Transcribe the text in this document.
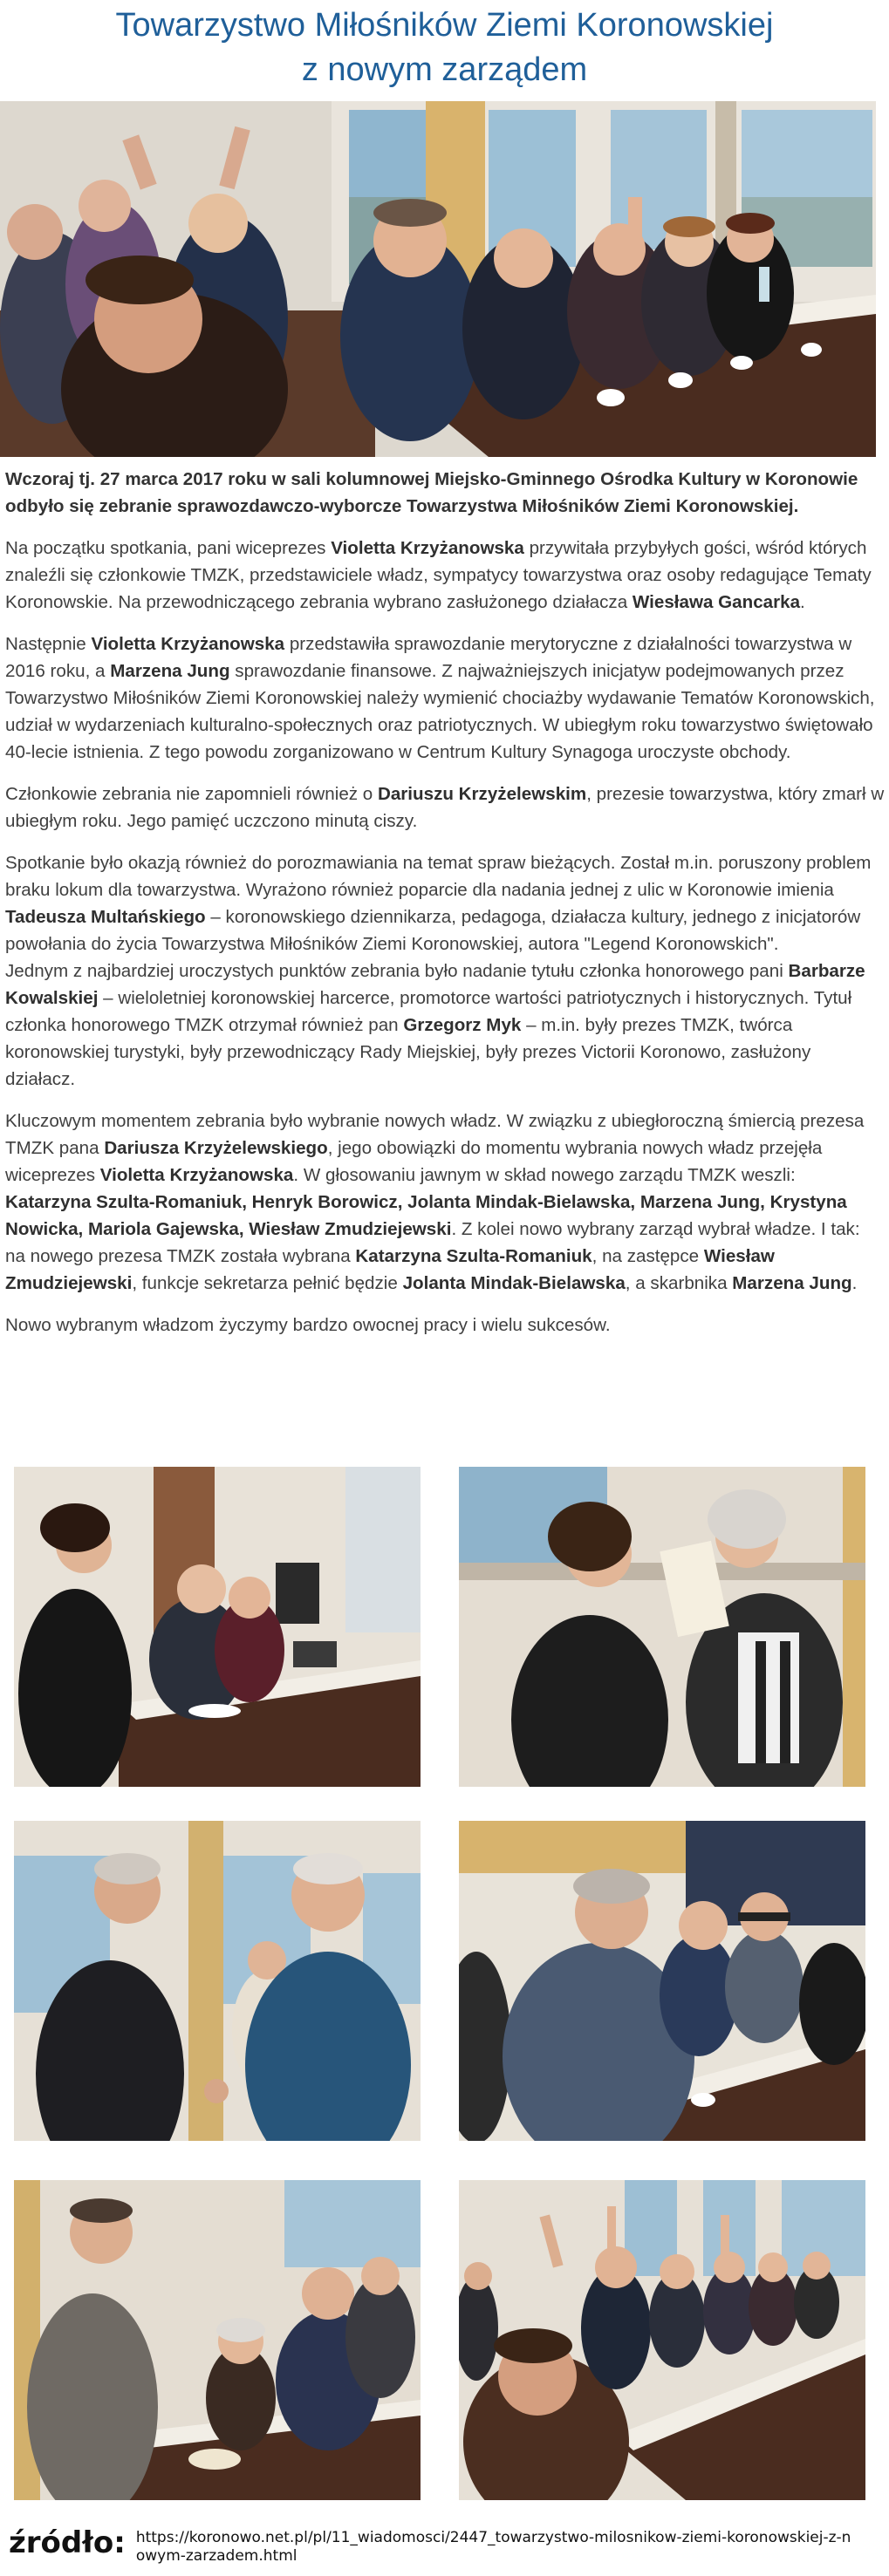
Towarzystwo Miłośników Ziemi Koronowskiej
z nowym zarządem

Wczoraj tj. 27 marca 2017 roku w sali kolumnowej Miejsko-Gminnego Ośrodka Kultury w Koronowie odbyło się zebranie sprawozdawczo-wyborcze Towarzystwa Miłośników Ziemi Koronowskiej.

Na początku spotkania, pani wiceprezes Violetta Krzyżanowska przywitała przybyłych gości, wśród których znaleźli się członkowie TMZK, przedstawiciele władz, sympatycy towarzystwa oraz osoby redagujące Tematy Koronowskie. Na przewodniczącego zebrania wybrano zasłużonego działacza Wiesława Gancarka.

Następnie Violetta Krzyżanowska przedstawiła sprawozdanie merytoryczne z działalności towarzystwa w 2016 roku, a Marzena Jung sprawozdanie finansowe. Z najważniejszych inicjatyw podejmowanych przez Towarzystwo Miłośników Ziemi Koronowskiej należy wymienić chociażby wydawanie Tematów Koronowskich, udział w wydarzeniach kulturalno-społecznych oraz patriotycznych. W ubiegłym roku towarzystwo świętowało 40-lecie istnienia. Z tego powodu zorganizowano w Centrum Kultury Synagoga uroczyste obchody.

Członkowie zebrania nie zapomnieli również o Dariuszu Krzyżelewskim, prezesie towarzystwa, który zmarł w ubiegłym roku. Jego pamięć uczczono minutą ciszy.

Spotkanie było okazją również do porozmawiania na temat spraw bieżących. Został m.in. poruszony problem braku lokum dla towarzystwa. Wyrażono również poparcie dla nadania jednej z ulic w Koronowie imienia Tadeusza Multańskiego – koronowskiego dziennikarza, pedagoga, działacza kultury, jednego z inicjatorów powołania do życia Towarzystwa Miłośników Ziemi Koronowskiej, autora "Legend Koronowskich".

Jednym z najbardziej uroczystych punktów zebrania było nadanie tytułu członka honorowego pani Barbarze Kowalskiej – wieloletniej koronowskiej harcerce, promotorce wartości patriotycznych i historycznych. Tytuł członka honorowego TMZK otrzymał również pan Grzegorz Myk – m.in. były prezes TMZK, twórca koronowskiej turystyki, były przewodniczący Rady Miejskiej, były prezes Victorii Koronowo, zasłużony działacz.

Kluczowym momentem zebrania było wybranie nowych władz. W związku z ubiegłoroczną śmiercią prezesa TMZK pana Dariusza Krzyżelewskiego, jego obowiązki do momentu wybrania nowych władz przejęła wiceprezes Violetta Krzyżanowska. W głosowaniu jawnym w skład nowego zarządu TMZK weszli: Katarzyna Szulta-Romaniuk, Henryk Borowicz, Jolanta Mindak-Bielawska, Marzena Jung, Krystyna Nowicka, Mariola Gajewska, Wiesław Zmudziejewski. Z kolei nowo wybrany zarząd wybrał władze. I tak: na nowego prezesa TMZK została wybrana Katarzyna Szulta-Romaniuk, na zastępce Wiesław Zmudziejewski, funkcje sekretarza pełnić będzie Jolanta Mindak-Bielawska, a skarbnika Marzena Jung.

Nowo wybranym władzom życzymy bardzo owocnej pracy i wielu sukcesów.

źródło: https://koronowo.net.pl/pl/11_wiadomosci/2447_towarzystwo-milosnikow-ziemi-koronowskiej-z-nowym-zarzadem.html
